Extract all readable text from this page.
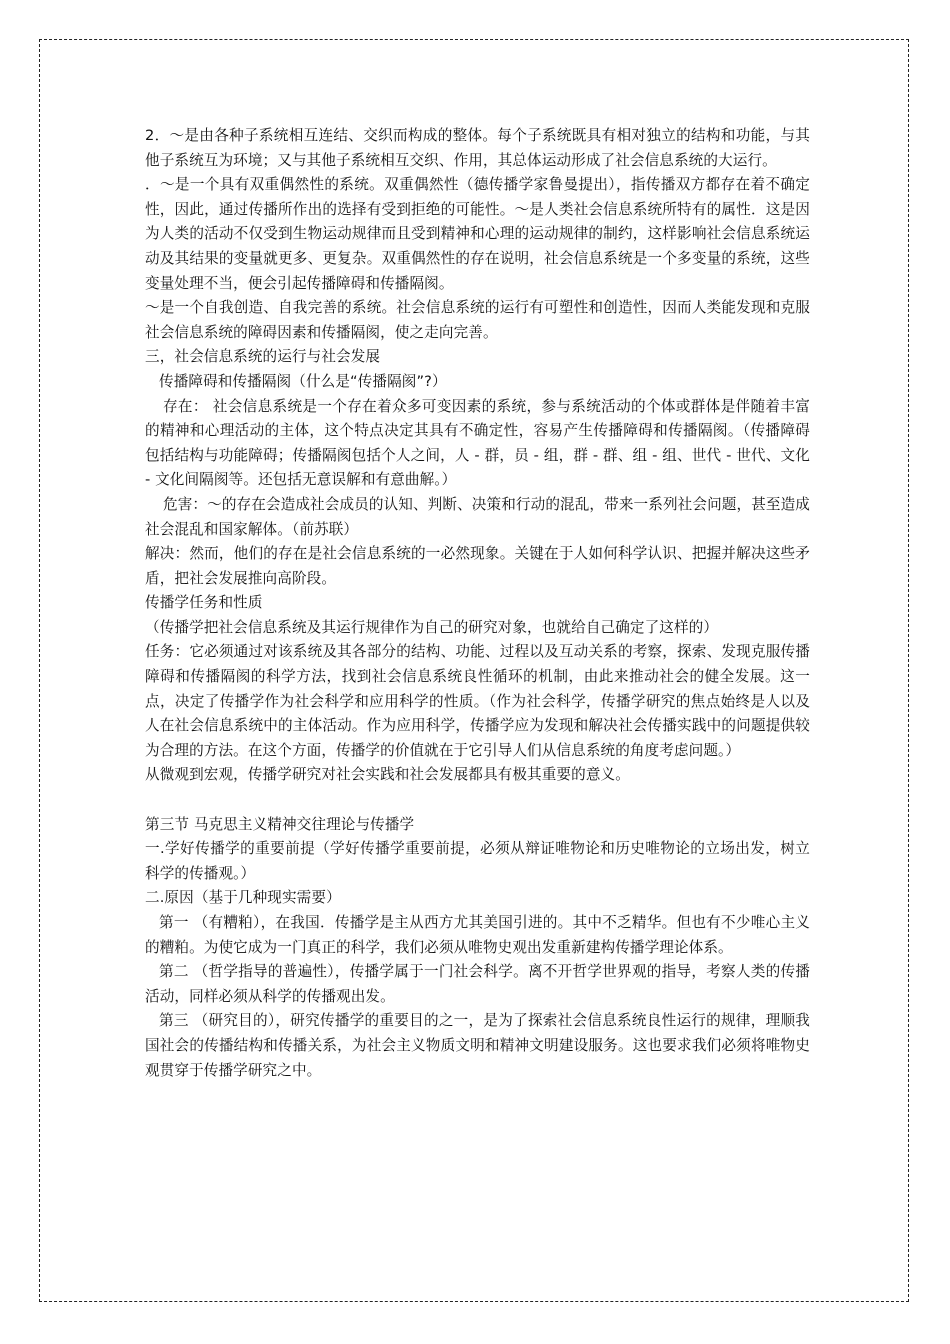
2．～是由各种子系统相互连结、交织而构成的整体。每个子系统既具有相对独立的结构和功能，与其他子系统互为环境；又与其他子系统相互交织、作用，其总体运动形成了社会信息系统的大运行。

．～是一个具有双重偶然性的系统。双重偶然性（德传播学家鲁曼提出），指传播双方都存在着不确定性，因此，通过传播所作出的选择有受到拒绝的可能性。～是人类社会信息系统所特有的属性．这是因为人类的活动不仅受到生物运动规律而且受到精神和心理的运动规律的制约，这样影响社会信息系统运动及其结果的变量就更多、更复杂。双重偶然性的存在说明，社会信息系统是一个多变量的系统，这些变量处理不当，便会引起传播障碍和传播隔阂。

～是一个自我创造、自我完善的系统。社会信息系统的运行有可塑性和创造性，因而人类能发现和克服社会信息系统的障碍因素和传播隔阂，使之走向完善。

三，社会信息系统的运行与社会发展

传播障碍和传播隔阂（什么是“传播隔阂”?）

存在： 社会信息系统是一个存在着众多可变因素的系统，参与系统活动的个体或群体是伴随着丰富的精神和心理活动的主体，这个特点决定其具有不确定性，容易产生传播障碍和传播隔阂。（传播障碍包括结构与功能障碍；传播隔阂包括个人之间，人 - 群，员 - 组，群 - 群、组 - 组、世代 - 世代、文化 - 文化间隔阂等。还包括无意误解和有意曲解。）

危害：～的存在会造成社会成员的认知、判断、决策和行动的混乱，带来一系列社会问题，甚至造成社会混乱和国家解体。（前苏联）

解决：然而，他们的存在是社会信息系统的一必然现象。关键在于人如何科学认识、把握并解决这些矛盾，把社会发展推向高阶段。

传播学任务和性质

（传播学把社会信息系统及其运行规律作为自己的研究对象，也就给自己确定了这样的）

任务：它必须通过对该系统及其各部分的结构、功能、过程以及互动关系的考察，探索、发现克服传播障碍和传播隔阂的科学方法，找到社会信息系统良性循环的机制，由此来推动社会的健全发展。这一点，决定了传播学作为社会科学和应用科学的性质。（作为社会科学，传播学研究的焦点始终是人以及人在社会信息系统中的主体活动。作为应用科学，传播学应为发现和解决社会传播实践中的问题提供较为合理的方法。在这个方面，传播学的价值就在于它引导人们从信息系统的角度考虑问题。）

从微观到宏观，传播学研究对社会实践和社会发展都具有极其重要的意义。

第三节 马克思主义精神交往理论与传播学

一.学好传播学的重要前提（学好传播学重要前提，必须从辩证唯物论和历史唯物论的立场出发，树立科学的传播观。）

二.原因（基于几种现实需要）

第一 （有糟粕），在我国．传播学是主从西方尤其美国引进的。其中不乏精华。但也有不少唯心主义的糟粕。为使它成为一门真正的科学，我们必须从唯物史观出发重新建构传播学理论体系。

第二 （哲学指导的普遍性），传播学属于一门社会科学。离不开哲学世界观的指导，考察人类的传播活动，同样必须从科学的传播观出发。

第三 （研究目的），研究传播学的重要目的之一，是为了探索社会信息系统良性运行的规律，理顺我国社会的传播结构和传播关系，为社会主义物质文明和精神文明建设服务。这也要求我们必须将唯物史观贯穿于传播学研究之中。
